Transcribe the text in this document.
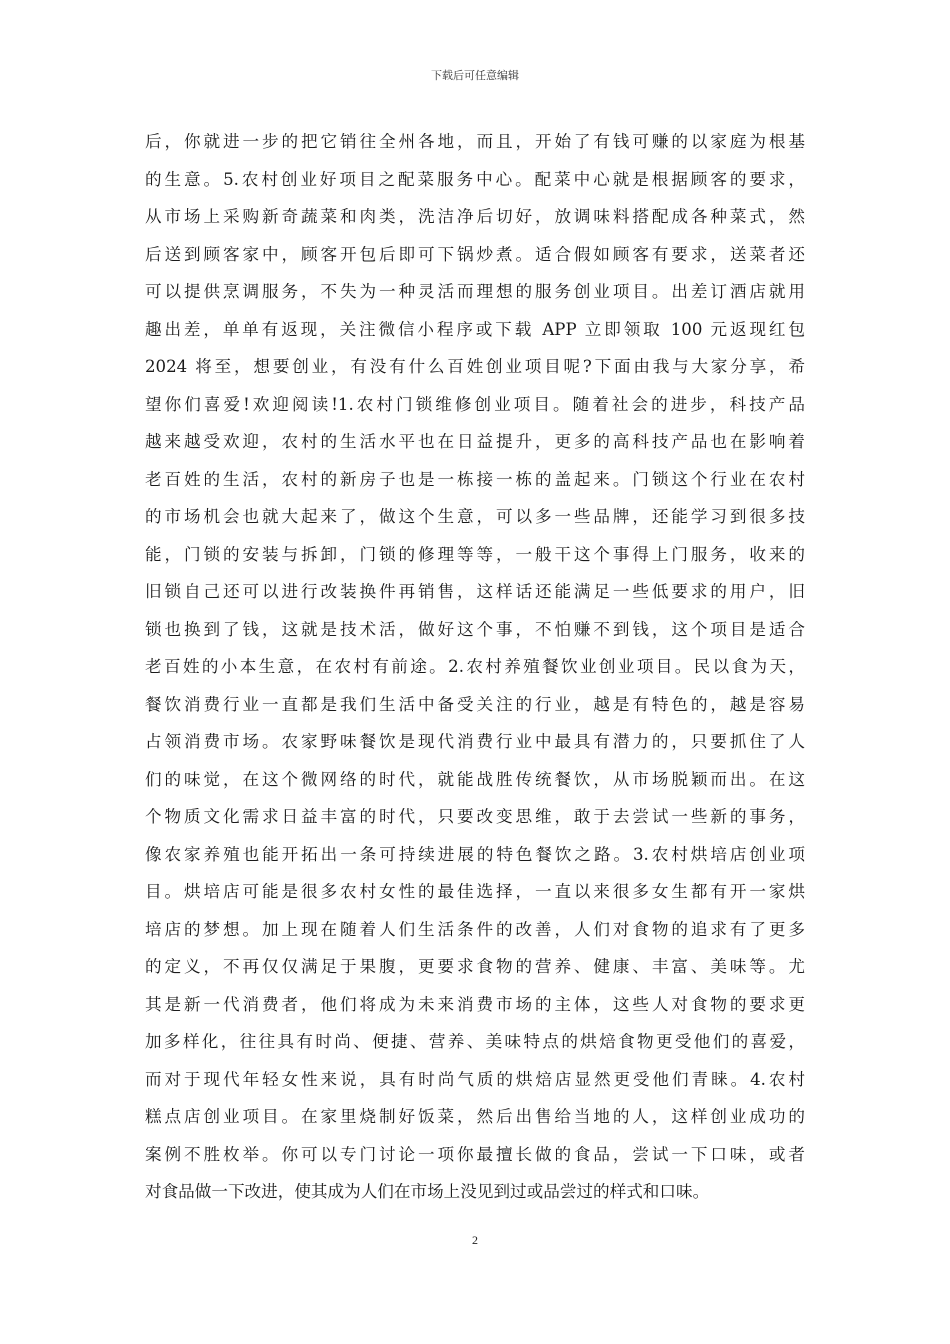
下载后可任意编辑
后，你就进一步的把它销往全州各地，而且，开始了有钱可赚的以家庭为根基
的生意。5.农村创业好项目之配菜服务中心。配菜中心就是根据顾客的要求，
从市场上采购新奇蔬菜和肉类，洗洁净后切好，放调味料搭配成各种菜式，然
后送到顾客家中，顾客开包后即可下锅炒煮。适合假如顾客有要求，送菜者还
可以提供烹调服务，不失为一种灵活而理想的服务创业项目。出差订酒店就用
趣出差，单单有返现，关注微信小程序或下载 APP 立即领取 100 元返现红包
2024 将至，想要创业，有没有什么百姓创业项目呢?下面由我与大家分享，希
望你们喜爱!欢迎阅读!1.农村门锁维修创业项目。随着社会的进步，科技产品
越来越受欢迎，农村的生活水平也在日益提升，更多的高科技产品也在影响着
老百姓的生活，农村的新房子也是一栋接一栋的盖起来。门锁这个行业在农村
的市场机会也就大起来了，做这个生意，可以多一些品牌，还能学习到很多技
能，门锁的安装与拆卸，门锁的修理等等，一般干这个事得上门服务，收来的
旧锁自己还可以进行改装换件再销售，这样话还能满足一些低要求的用户，旧
锁也换到了钱，这就是技术活，做好这个事，不怕赚不到钱，这个项目是适合
老百姓的小本生意，在农村有前途。2.农村养殖餐饮业创业项目。民以食为天，
餐饮消费行业一直都是我们生活中备受关注的行业，越是有特色的，越是容易
占领消费市场。农家野味餐饮是现代消费行业中最具有潜力的，只要抓住了人
们的味觉，在这个微网络的时代，就能战胜传统餐饮，从市场脱颖而出。在这
个物质文化需求日益丰富的时代，只要改变思维，敢于去尝试一些新的事务，
像农家养殖也能开拓出一条可持续进展的特色餐饮之路。3.农村烘培店创业项
目。烘培店可能是很多农村女性的最佳选择，一直以来很多女生都有开一家烘
培店的梦想。加上现在随着人们生活条件的改善，人们对食物的追求有了更多
的定义，不再仅仅满足于果腹，更要求食物的营养、健康、丰富、美味等。尤
其是新一代消费者，他们将成为未来消费市场的主体，这些人对食物的要求更
加多样化，往往具有时尚、便捷、营养、美味特点的烘焙食物更受他们的喜爱，
而对于现代年轻女性来说，具有时尚气质的烘焙店显然更受他们青睐。4.农村
糕点店创业项目。在家里烧制好饭菜，然后出售给当地的人，这样创业成功的
案例不胜枚举。你可以专门讨论一项你最擅长做的食品，尝试一下口味，或者
对食品做一下改进，使其成为人们在市场上没见到过或品尝过的样式和口味。
2
